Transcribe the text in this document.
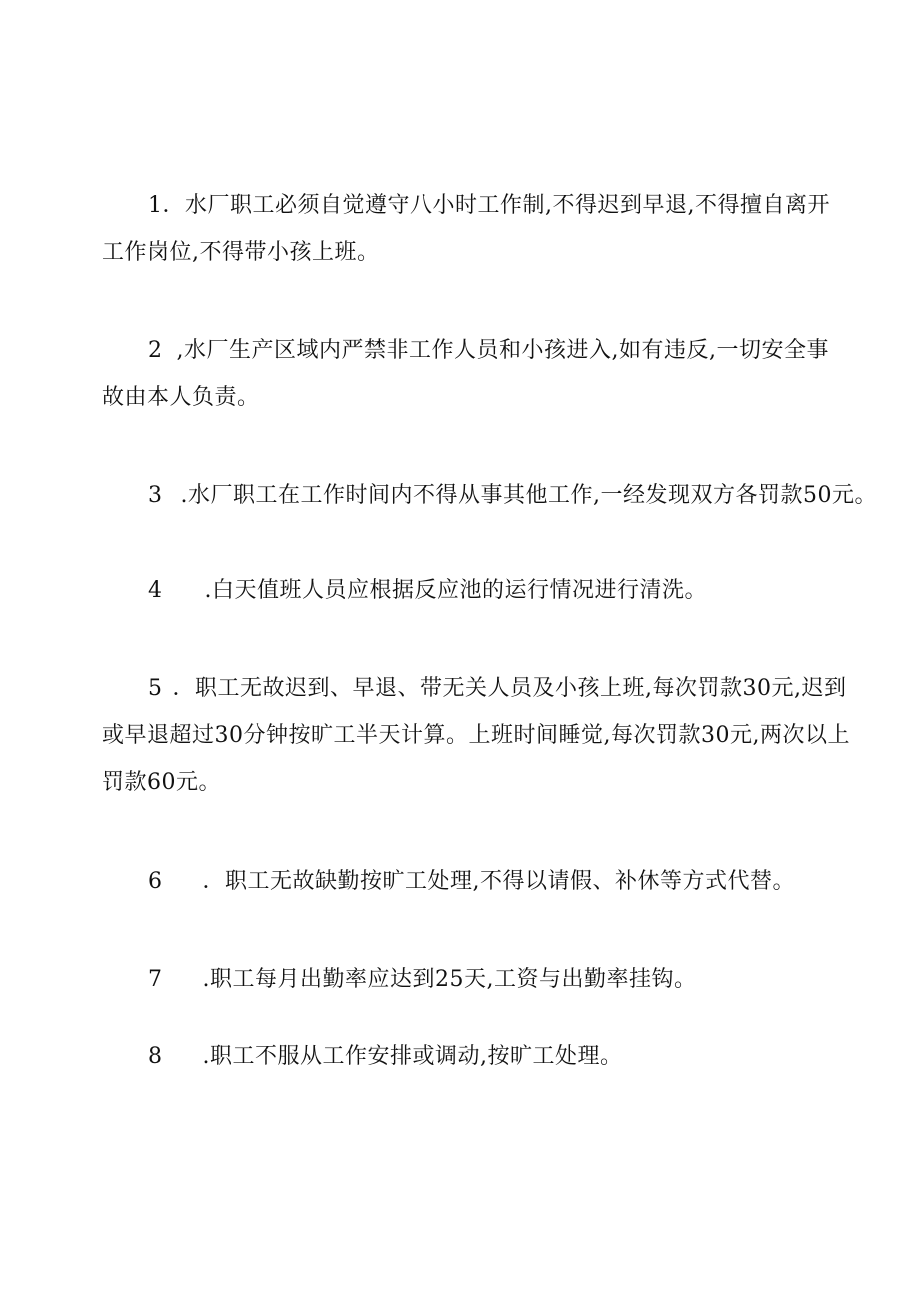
1．水厂职工必须自觉遵守八小时工作制,不得迟到早退,不得擅自离开
工作岗位,不得带小孩上班。
2 ,水厂生产区域内严禁非工作人员和小孩进入,如有违反,一切安全事
故由本人负责。
3 .水厂职工在工作时间内不得从事其他工作,一经发现双方各罚款50元。
4 .白天值班人员应根据反应池的运行情况进行清洗。
5 ．职工无故迟到、早退、带无关人员及小孩上班,每次罚款30元,迟到
或早退超过30分钟按旷工半天计算。上班时间睡觉,每次罚款30元,两次以上
罚款60元。
6 ．职工无故缺勤按旷工处理,不得以请假、补休等方式代替。
7 .职工每月出勤率应达到25天,工资与出勤率挂钩。
8 .职工不服从工作安排或调动,按旷工处理。
